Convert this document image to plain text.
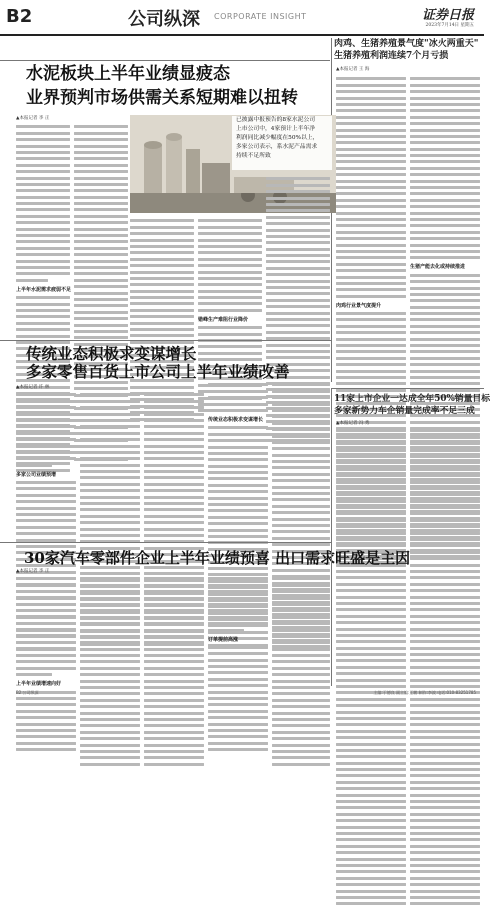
B2	公司纵深 CORPORATE INSIGHT	证券日报
2023年7月14日 星期五
水泥板块上半年业绩显疲态
业界预判市场供需关系短期难以扭转
肉鸡、生猪养殖景气度"冰火两重天"
生猪养殖利润连续7个月亏损
▲本报记者 王 海
▲本报记者 李 正
上半年水泥需求疲弱不足
已披露中报预告的8家水泥公司
上市公司中，4家预计上半年净
利润同比减少幅度在50%以上，
多家公司表示，系水泥产品需求
持续不足所致
错峰生产难阻行业降价
肉鸡行业景气度提升
生猪产能去化或持续推进
传统业态积极求变谋增长
多家零售百货上市公司上半年业绩改善
▲本报记者 许 林
多家公司业绩预增
传统业态积极求变谋增长
11家上市企业一达成全年50%销量目标
多家新势力车企销量完成率不足三成
▲本报记者 冯 秀
30家汽车零部件企业上半年业绩预喜 出口需求旺盛是主因
▲本报记者 李 正
上半年业绩增速向好
订单提前高涨
B2 公司纵深	主编:于德良 副主编:王鹏 制作:李波 电话:010-83251785
